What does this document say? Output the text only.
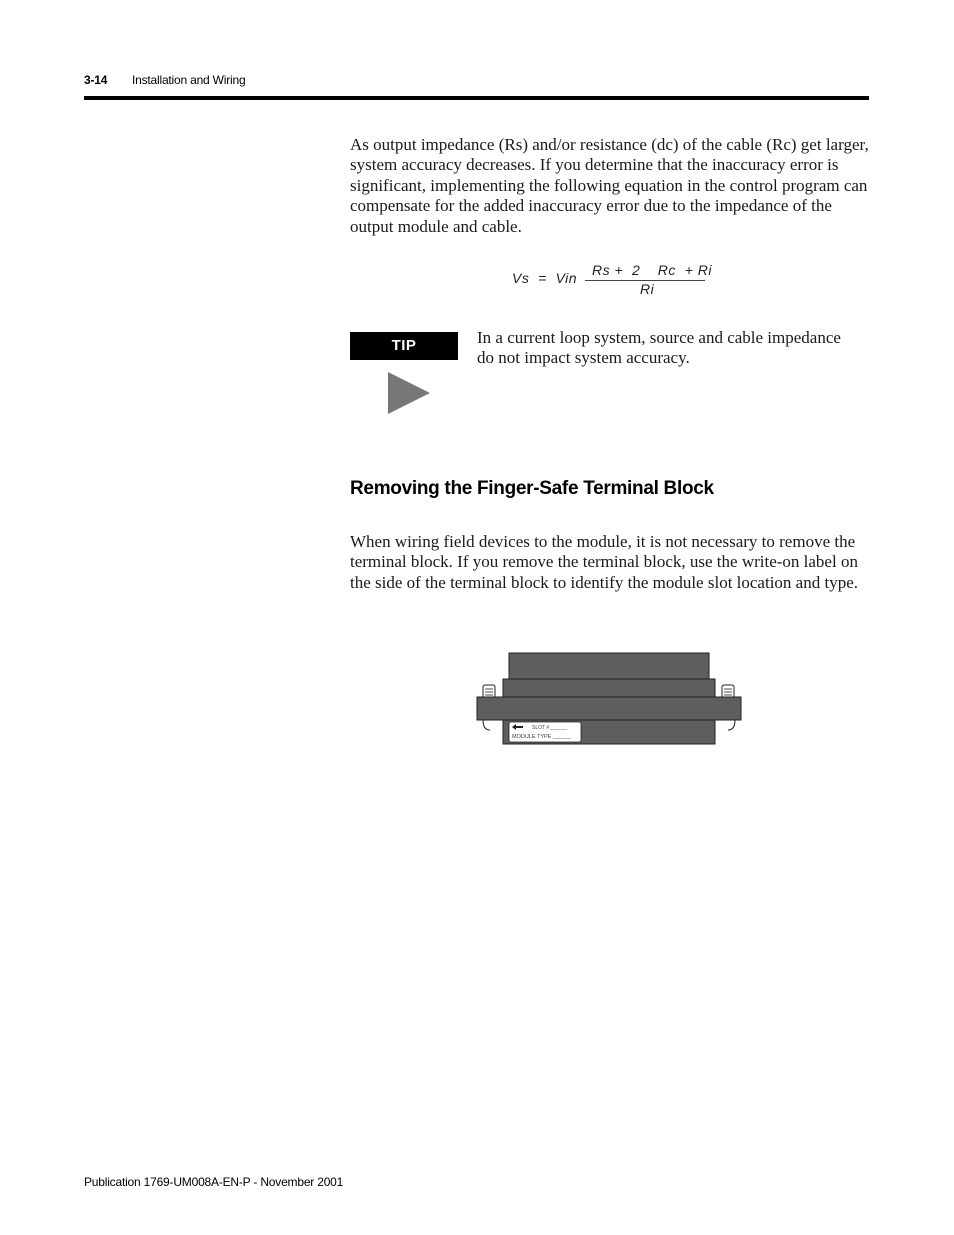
3-14 Installation and Wiring

As output impedance (Rs) and/or resistance (dc) of the cable (Rc) get larger, system accuracy decreases. If you determine that the inaccuracy error is significant, implementing the following equation in the control program can compensate for the added inaccuracy error due to the impedance of the output module and cable.

Vs  =  Vin Rs +  2    Rc  + Ri
Ri
TIP	In a current loop system, source and cable impedance do not impact system accuracy.

Removing the Finger-Safe Terminal Block

When wiring field devices to the module, it is not necessary to remove the terminal block. If you remove the terminal block, use the write-on label on the side of the terminal block to identify the module slot location and type.

SLOT # ______
MODULE TYPE ______
Publication 1769-UM008A-EN-P - November 2001
